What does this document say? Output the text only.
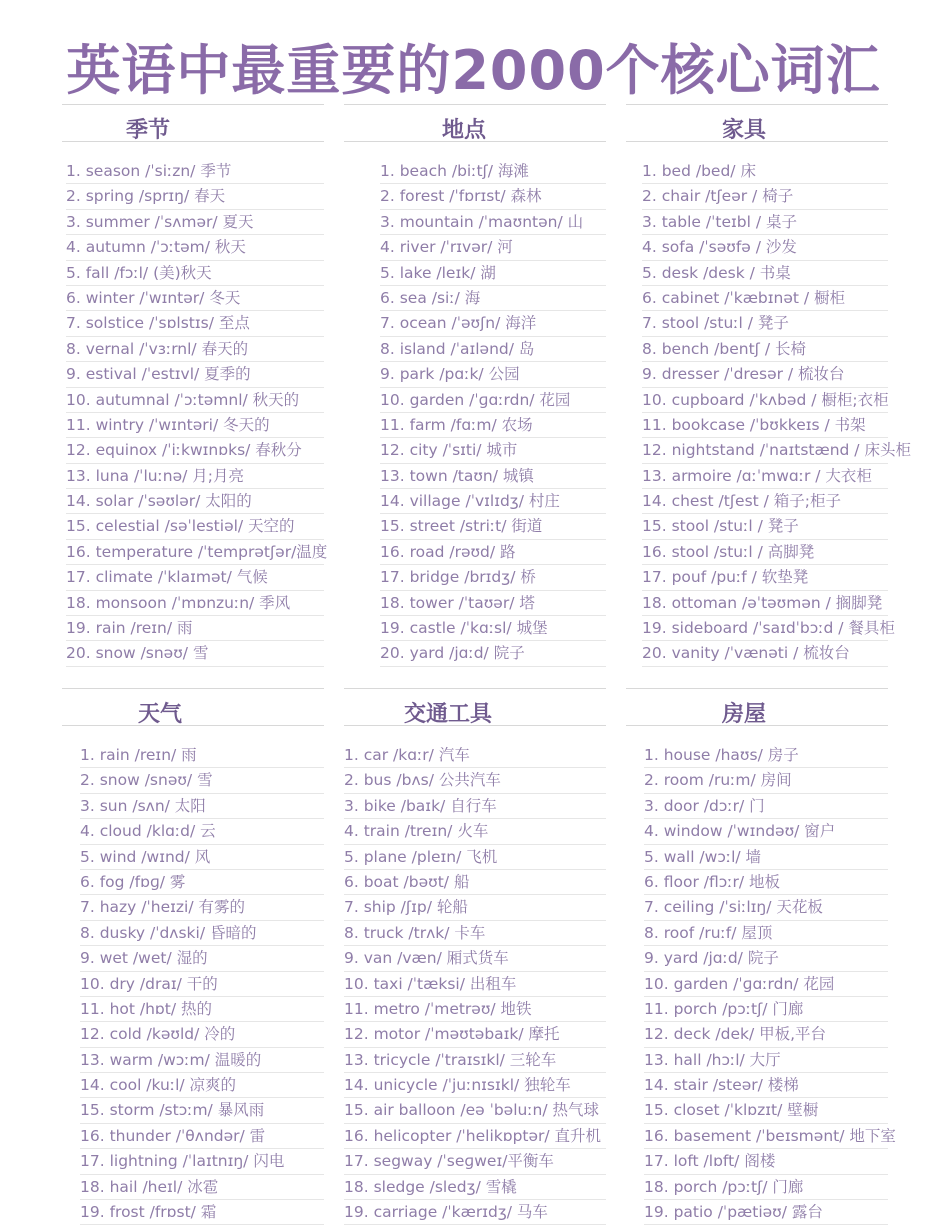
英语中最重要的2000个核心词汇
季节
1. season /ˈsiːzn/ 季节
2. spring /sprɪŋ/ 春天
3. summer /ˈsʌmər/ 夏天
4. autumn /ˈɔːtəm/ 秋天
5. fall /fɔːl/ (美)秋天
6. winter /ˈwɪntər/ 冬天
7. solstice /ˈsɒlstɪs/ 至点
8. vernal /ˈvɜːrnl/ 春天的
9. estival /ˈestɪvl/ 夏季的
10. autumnal /ˈɔːtəmnl/ 秋天的
11. wintry /ˈwɪntəri/ 冬天的
12. equinox /ˈiːkwɪnɒks/ 春秋分
13. luna /ˈluːnə/ 月;月亮
14. solar /ˈsəʊlər/ 太阳的
15. celestial /səˈlestiəl/ 天空的
16. temperature /ˈtemprətʃər/温度
17. climate /ˈklaɪmət/ 气候
18. monsoon /ˈmɒnzuːn/ 季风
19. rain /reɪn/ 雨
20. snow /snəʊ/ 雪
地点
1. beach /biːtʃ/ 海滩
2. forest /ˈfɒrɪst/ 森林
3. mountain /ˈmaʊntən/ 山
4. river /ˈrɪvər/ 河
5. lake /leɪk/ 湖
6. sea /siː/ 海
7. ocean /ˈəʊʃn/ 海洋
8. island /ˈaɪlənd/ 岛
9. park /pɑːk/ 公园
10. garden /ˈɡɑːrdn/ 花园
11. farm /fɑːm/ 农场
12. city /ˈsɪti/ 城市
13. town /taʊn/ 城镇
14. village /ˈvɪlɪdʒ/ 村庄
15. street /striːt/ 街道
16. road /rəʊd/ 路
17. bridge /brɪdʒ/ 桥
18. tower /ˈtaʊər/ 塔
19. castle /ˈkɑːsl/ 城堡
20. yard /jɑːd/ 院子
家具
1. bed /bed/ 床
2. chair /tʃeər / 椅子
3. table /ˈteɪbl / 桌子
4. sofa /ˈsəʊfə / 沙发
5. desk /desk / 书桌
6. cabinet /ˈkæbɪnət / 橱柜
7. stool /stuːl / 凳子
8. bench /bentʃ / 长椅
9. dresser /ˈdresər / 梳妆台
10. cupboard /ˈkʌbəd / 橱柜;衣柜
11. bookcase /ˈbʊkkeɪs / 书架
12. nightstand /ˈnaɪtstænd / 床头柜
13. armoire /ɑːˈmwɑːr / 大衣柜
14. chest /tʃest / 箱子;柜子
15. stool /stuːl / 凳子
16. stool /stuːl / 高脚凳
17. pouf /puːf / 软垫凳
18. ottoman /əˈtəʊmən / 搁脚凳
19. sideboard /ˈsaɪdˈbɔːd / 餐具柜
20. vanity /ˈvænəti / 梳妆台
天气
1. rain /reɪn/ 雨
2. snow /snəʊ/ 雪
3. sun /sʌn/ 太阳
4. cloud /klɑːd/ 云
5. wind /wɪnd/ 风
6. fog /fɒɡ/ 雾
7. hazy /ˈheɪzi/ 有雾的
8. dusky /ˈdʌski/ 昏暗的
9. wet /wet/ 湿的
10. dry /draɪ/ 干的
11. hot /hɒt/ 热的
12. cold /kəʊld/ 冷的
13. warm /wɔːm/ 温暖的
14. cool /kuːl/ 凉爽的
15. storm /stɔːm/ 暴风雨
16. thunder /ˈθʌndər/ 雷
17. lightning /ˈlaɪtnɪŋ/ 闪电
18. hail /heɪl/ 冰雹
19. frost /frɒst/ 霜
交通工具
1. car /kɑːr/ 汽车
2. bus /bʌs/ 公共汽车
3. bike /baɪk/ 自行车
4. train /treɪn/ 火车
5. plane /pleɪn/ 飞机
6. boat /bəʊt/ 船
7. ship /ʃɪp/ 轮船
8. truck /trʌk/ 卡车
9. van /væn/ 厢式货车
10. taxi /ˈtæksi/ 出租车
11. metro /ˈmetrəʊ/ 地铁
12. motor /ˈməʊtəbaɪk/ 摩托
13. tricycle /ˈtraɪsɪkl/ 三轮车
14. unicycle /ˈjuːnɪsɪkl/ 独轮车
15. air balloon /eə ˈbəluːn/ 热气球
16. helicopter /ˈhelikɒptər/ 直升机
17. segway /ˈseɡweɪ/平衡车
18. sledge /sledʒ/ 雪橇
19. carriage /ˈkærɪdʒ/ 马车
房屋
1. house /haʊs/ 房子
2. room /ruːm/ 房间
3. door /dɔːr/ 门
4. window /ˈwɪndəʊ/ 窗户
5. wall /wɔːl/ 墙
6. floor /flɔːr/ 地板
7. ceiling /ˈsiːlɪŋ/ 天花板
8. roof /ruːf/ 屋顶
9. yard /jɑːd/ 院子
10. garden /ˈɡɑːrdn/ 花园
11. porch /pɔːtʃ/ 门廊
12. deck /dek/ 甲板,平台
13. hall /hɔːl/ 大厅
14. stair /steər/ 楼梯
15. closet /ˈklɒzɪt/ 壁橱
16. basement /ˈbeɪsmənt/ 地下室
17. loft /lɒft/ 阁楼
18. porch /pɔːtʃ/ 门廊
19. patio /ˈpætiəʊ/ 露台
